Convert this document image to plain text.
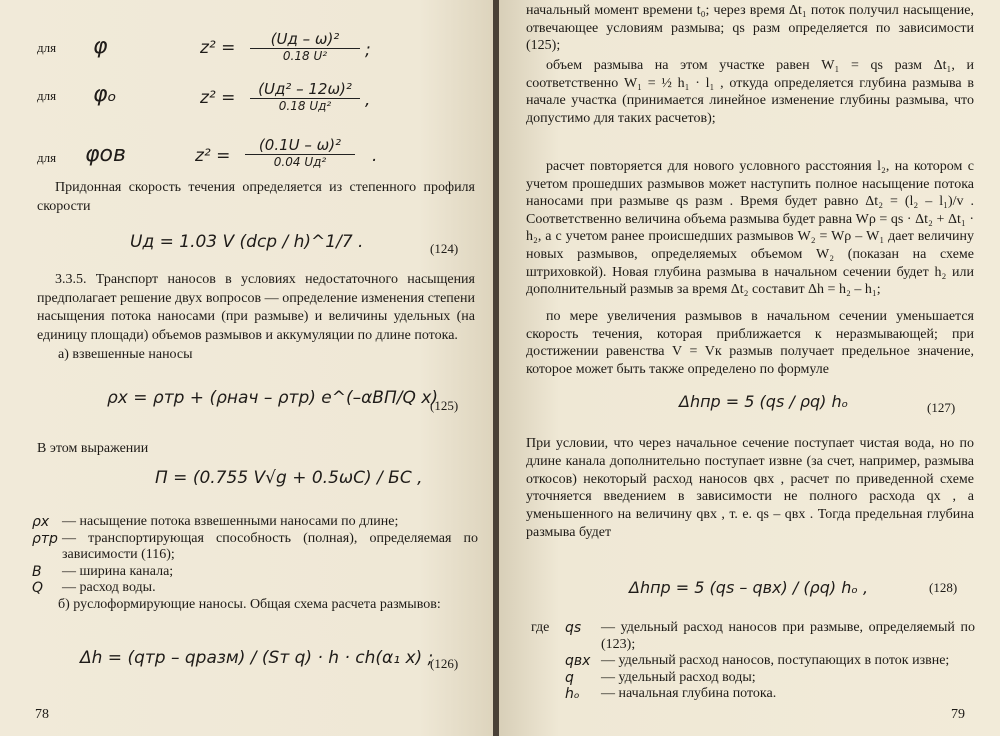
для φ	z² =	(Uд – ω)²
0.18 U²	;
для φₒ	z² =	(Uд² – 12ω)²
0.18 Uд²	,
для φов	z² =
(0.1U – ω)²
0.04 Uд²	.
Придонная скорость течения определяется из степенного профиля скорости
Uд = 1.03 V (dср / h)^1/7 .	(124)
3.3.5. Транспорт наносов в условиях недостаточного насыщения предполагает решение двух вопросов — определение изменения степени насыщения потока наносами (при размыве) и величины удельных (на единицу площади) объемов размывов и аккумуляции по длине потока.
а) взвешенные наносы
ρx = ρтр + (ρнач – ρтр) e^(–αВП/Q x)
(125)
В этом выражении
П = (0.755 V√g + 0.5ωC) / БC ,
ρx — насыщение потока взвешенными наносами по длине;
ρтр — транспортирующая способность (полная), определяемая по зависимости (116);
B	— ширина канала;
Q	— расход воды.
б) руслоформирующие наносы. Общая схема расчета размывов:
Δh = (qтр – qразм) / (Sт q) · h · ch(α₁ x) ;
(126)
78
начальный момент времени t₀; через время Δt₁ поток получил насыщение, отвечающее условиям размыва; qs разм определяется по зависимости (125);
объем размыва на этом участке равен W₁ = qs разм Δt₁, и соответственно W₁ = ½ h₁ · l₁ , откуда определяется глубина размыва в начале участка (принимается линейное изменение глубины размыва, что допустимо для таких расчетов);
расчет повторяется для нового условного расстояния l₂, на котором с учетом прошедших размывов может наступить полное насыщение потока наносами при размыве qs разм . Время будет равно Δt₂ = (l₂ – l₁)/v . Соответственно величина объема размыва будет равна Wρ = qs · Δt₂ + Δt₁ · h₂, а с учетом ранее происшедших размывов W₂ = Wρ – W₁ дает величину новых размывов, определяемых объемом W₂ (показан на схеме штриховкой). Новая глубина размыва в начальном сечении будет h₂ или дополнительный размыв за время Δt₂ составит Δh = h₂ – h₁;
по мере увеличения размывов в начальном сечении уменьшается скорость течения, которая приближается к неразмывающей; при достижении равенства V = Vк размыв получает предельное значение, которое может быть также определено по формуле
Δhпр = 5 (qs / ρq) hₒ	(127)
При условии, что через начальное сечение поступает чистая вода, но по длине канала дополнительно поступает извне (за счет, например, размыва откосов) некоторый расход наносов qвх , расчет по приведенной схеме уточняется введением в зависимости не полного расхода qx , а уменьшенного на величину qвх , т. е. qs – qвх . Тогда предельная глубина размыва будет
Δhпр = 5 (qs – qвх) / (ρq) hₒ ,	(128)
где qs	— удельный расход наносов при размыве, определяемый по (123);
qвх — удельный расход наносов, поступающих в поток извне;
q	— удельный расход воды;
hₒ	— начальная глубина потока.
79
